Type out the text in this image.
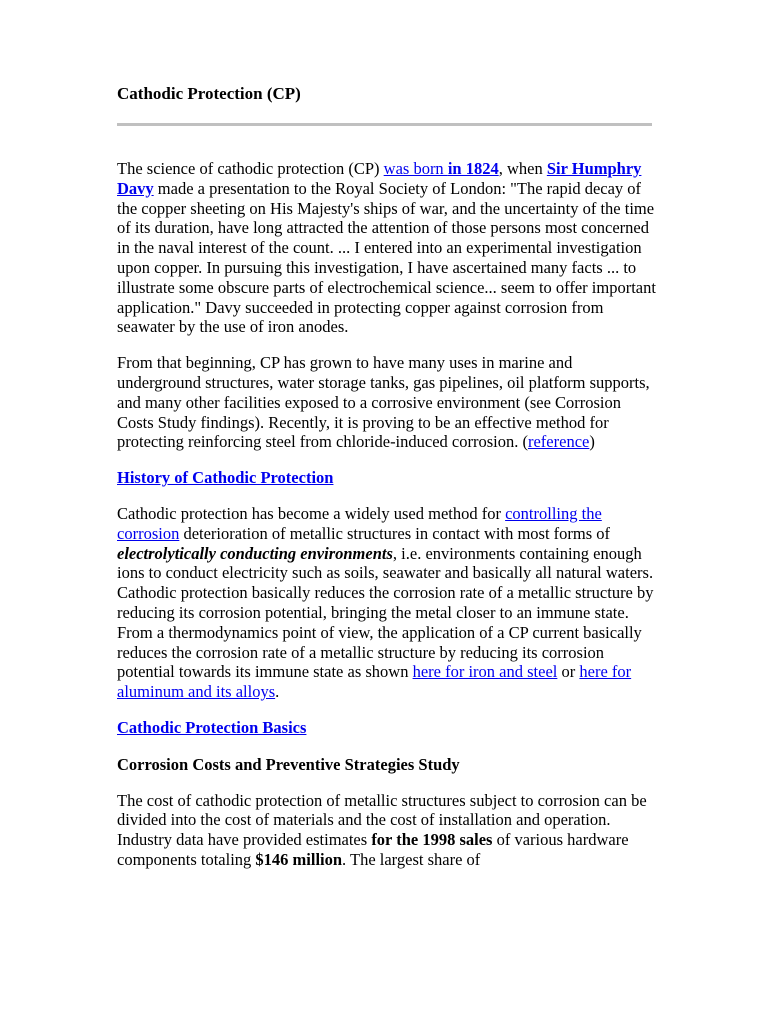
Cathodic Protection (CP)

The science of cathodic protection (CP) was born in 1824, when Sir Humphry Davy made a presentation to the Royal Society of London: "The rapid decay of the copper sheeting on His Majesty's ships of war, and the uncertainty of the time of its duration, have long attracted the attention of those persons most concerned in the naval interest of the count. ... I entered into an experimental investigation upon copper. In pursuing this investigation, I have ascertained many facts ... to illustrate some obscure parts of electrochemical science... seem to offer important application." Davy succeeded in protecting copper against corrosion from seawater by the use of iron anodes.

From that beginning, CP has grown to have many uses in marine and underground structures, water storage tanks, gas pipelines, oil platform supports, and many other facilities exposed to a corrosive environment (see Corrosion Costs Study findings). Recently, it is proving to be an effective method for protecting reinforcing steel from chloride-induced corrosion. (reference)

History of Cathodic Protection

Cathodic protection has become a widely used method for controlling the corrosion deterioration of metallic structures in contact with most forms of electrolytically conducting environments, i.e. environments containing enough ions to conduct electricity such as soils, seawater and basically all natural waters. Cathodic protection basically reduces the corrosion rate of a metallic structure by reducing its corrosion potential, bringing the metal closer to an immune state. From a thermodynamics point of view, the application of a CP current basically reduces the corrosion rate of a metallic structure by reducing its corrosion potential towards its immune state as shown here for iron and steel or here for aluminum and its alloys.

Cathodic Protection Basics
Corrosion Costs and Preventive Strategies Study

The cost of cathodic protection of metallic structures subject to corrosion can be divided into the cost of materials and the cost of installation and operation. Industry data have provided estimates for the 1998 sales of various hardware components totaling $146 million. The largest share of
